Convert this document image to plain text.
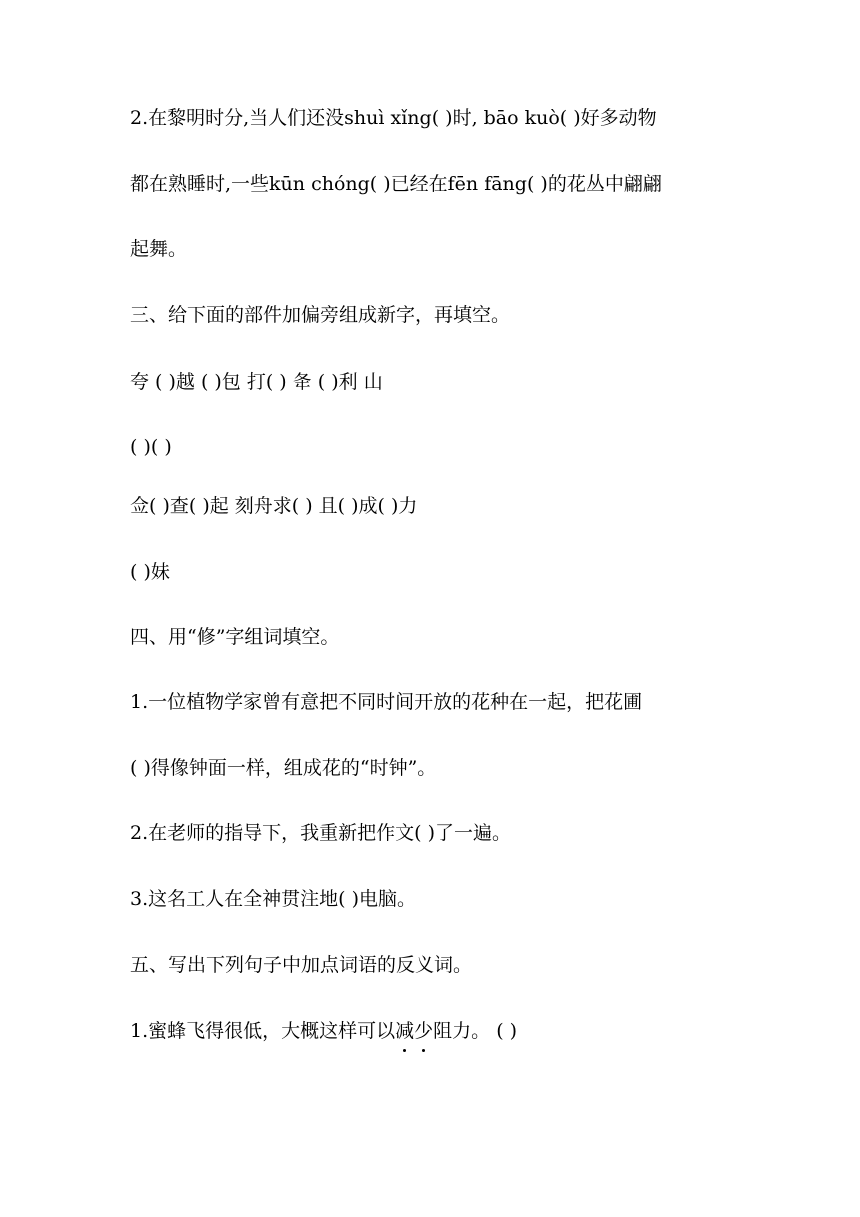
2.在黎明时分,当人们还没shuì xǐng( )时, bāo kuò( )好多动物
都在熟睡时,一些kūn chóng( )已经在fēn fāng( )的花丛中翩翩
起舞。
三、给下面的部件加偏旁组成新字，再填空。
夸 ( )越 ( )包 打( ) 夅 ( )利 山
( )( )
佥( )查( )起 刻舟求( ) 且( )成( )力
( )妹
四、用“修”字组词填空。
1.一位植物学家曾有意把不同时间开放的花种在一起，把花圃
( )得像钟面一样，组成花的“时钟”。
2.在老师的指导下，我重新把作文( )了一遍。
3.这名工人在全神贯注地( )电脑。
五、写出下列句子中加点词语的反义词。
1.蜜蜂飞得很低，大概这样可以减少阻力。 ( )
